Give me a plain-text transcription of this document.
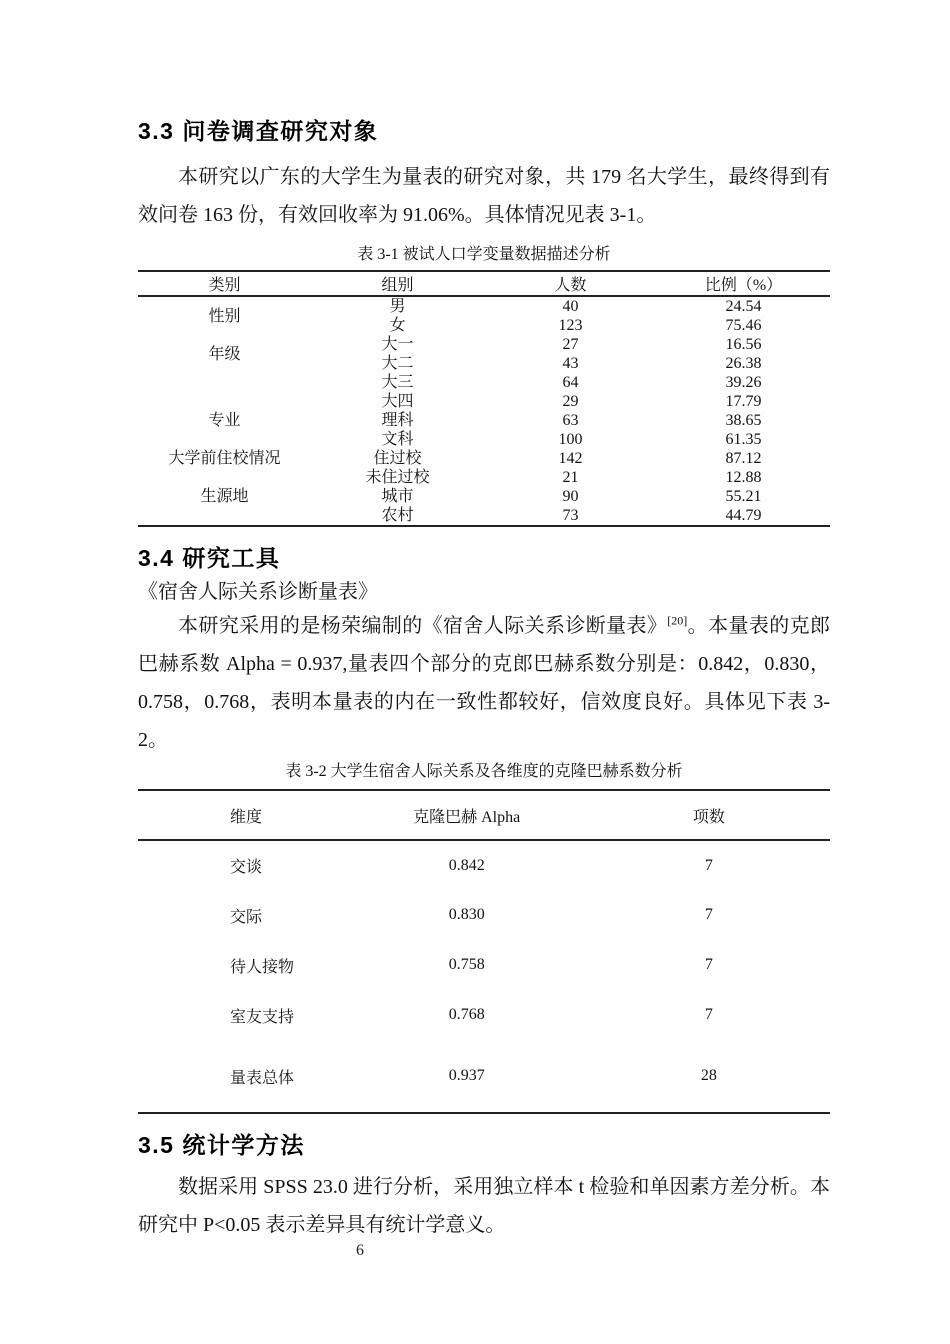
3.3 问卷调查研究对象

本研究以广东的大学生为量表的研究对象，共 179 名大学生，最终得到有效问卷 163 份，有效回收率为 91.06%。具体情况见表 3-1。

表 3-1 被试人口学变量数据描述分析
类别	组别	人数	比例（%）
性别	男	40	24.54
	女	123	75.46
年级	大一	27	16.56
	大二	43	26.38
	大三	64	39.26
	大四	29	17.79
专业	理科	63	38.65
	文科	100	61.35
大学前住校情况	住过校	142	87.12
	未住过校	21	12.88
生源地	城市	90	55.21
	农村	73	44.79
3.4 研究工具
《宿舍人际关系诊断量表》

本研究采用的是杨荣编制的《宿舍人际关系诊断量表》[20]。本量表的克郎巴赫系数 Alpha = 0.937,量表四个部分的克郎巴赫系数分别是：0.842，0.830，0.758，0.768，表明本量表的内在一致性都较好，信效度良好。具体见下表 3-2。

表 3-2 大学生宿舍人际关系及各维度的克隆巴赫系数分析
维度	克隆巴赫 Alpha	项数
交谈	0.842	7
交际	0.830	7
待人接物	0.758	7
室友支持	0.768	7
量表总体	0.937	28
3.5 统计学方法

数据采用 SPSS 23.0 进行分析，采用独立样本 t 检验和单因素方差分析。本研究中 P<0.05 表示差异具有统计学意义。

6
